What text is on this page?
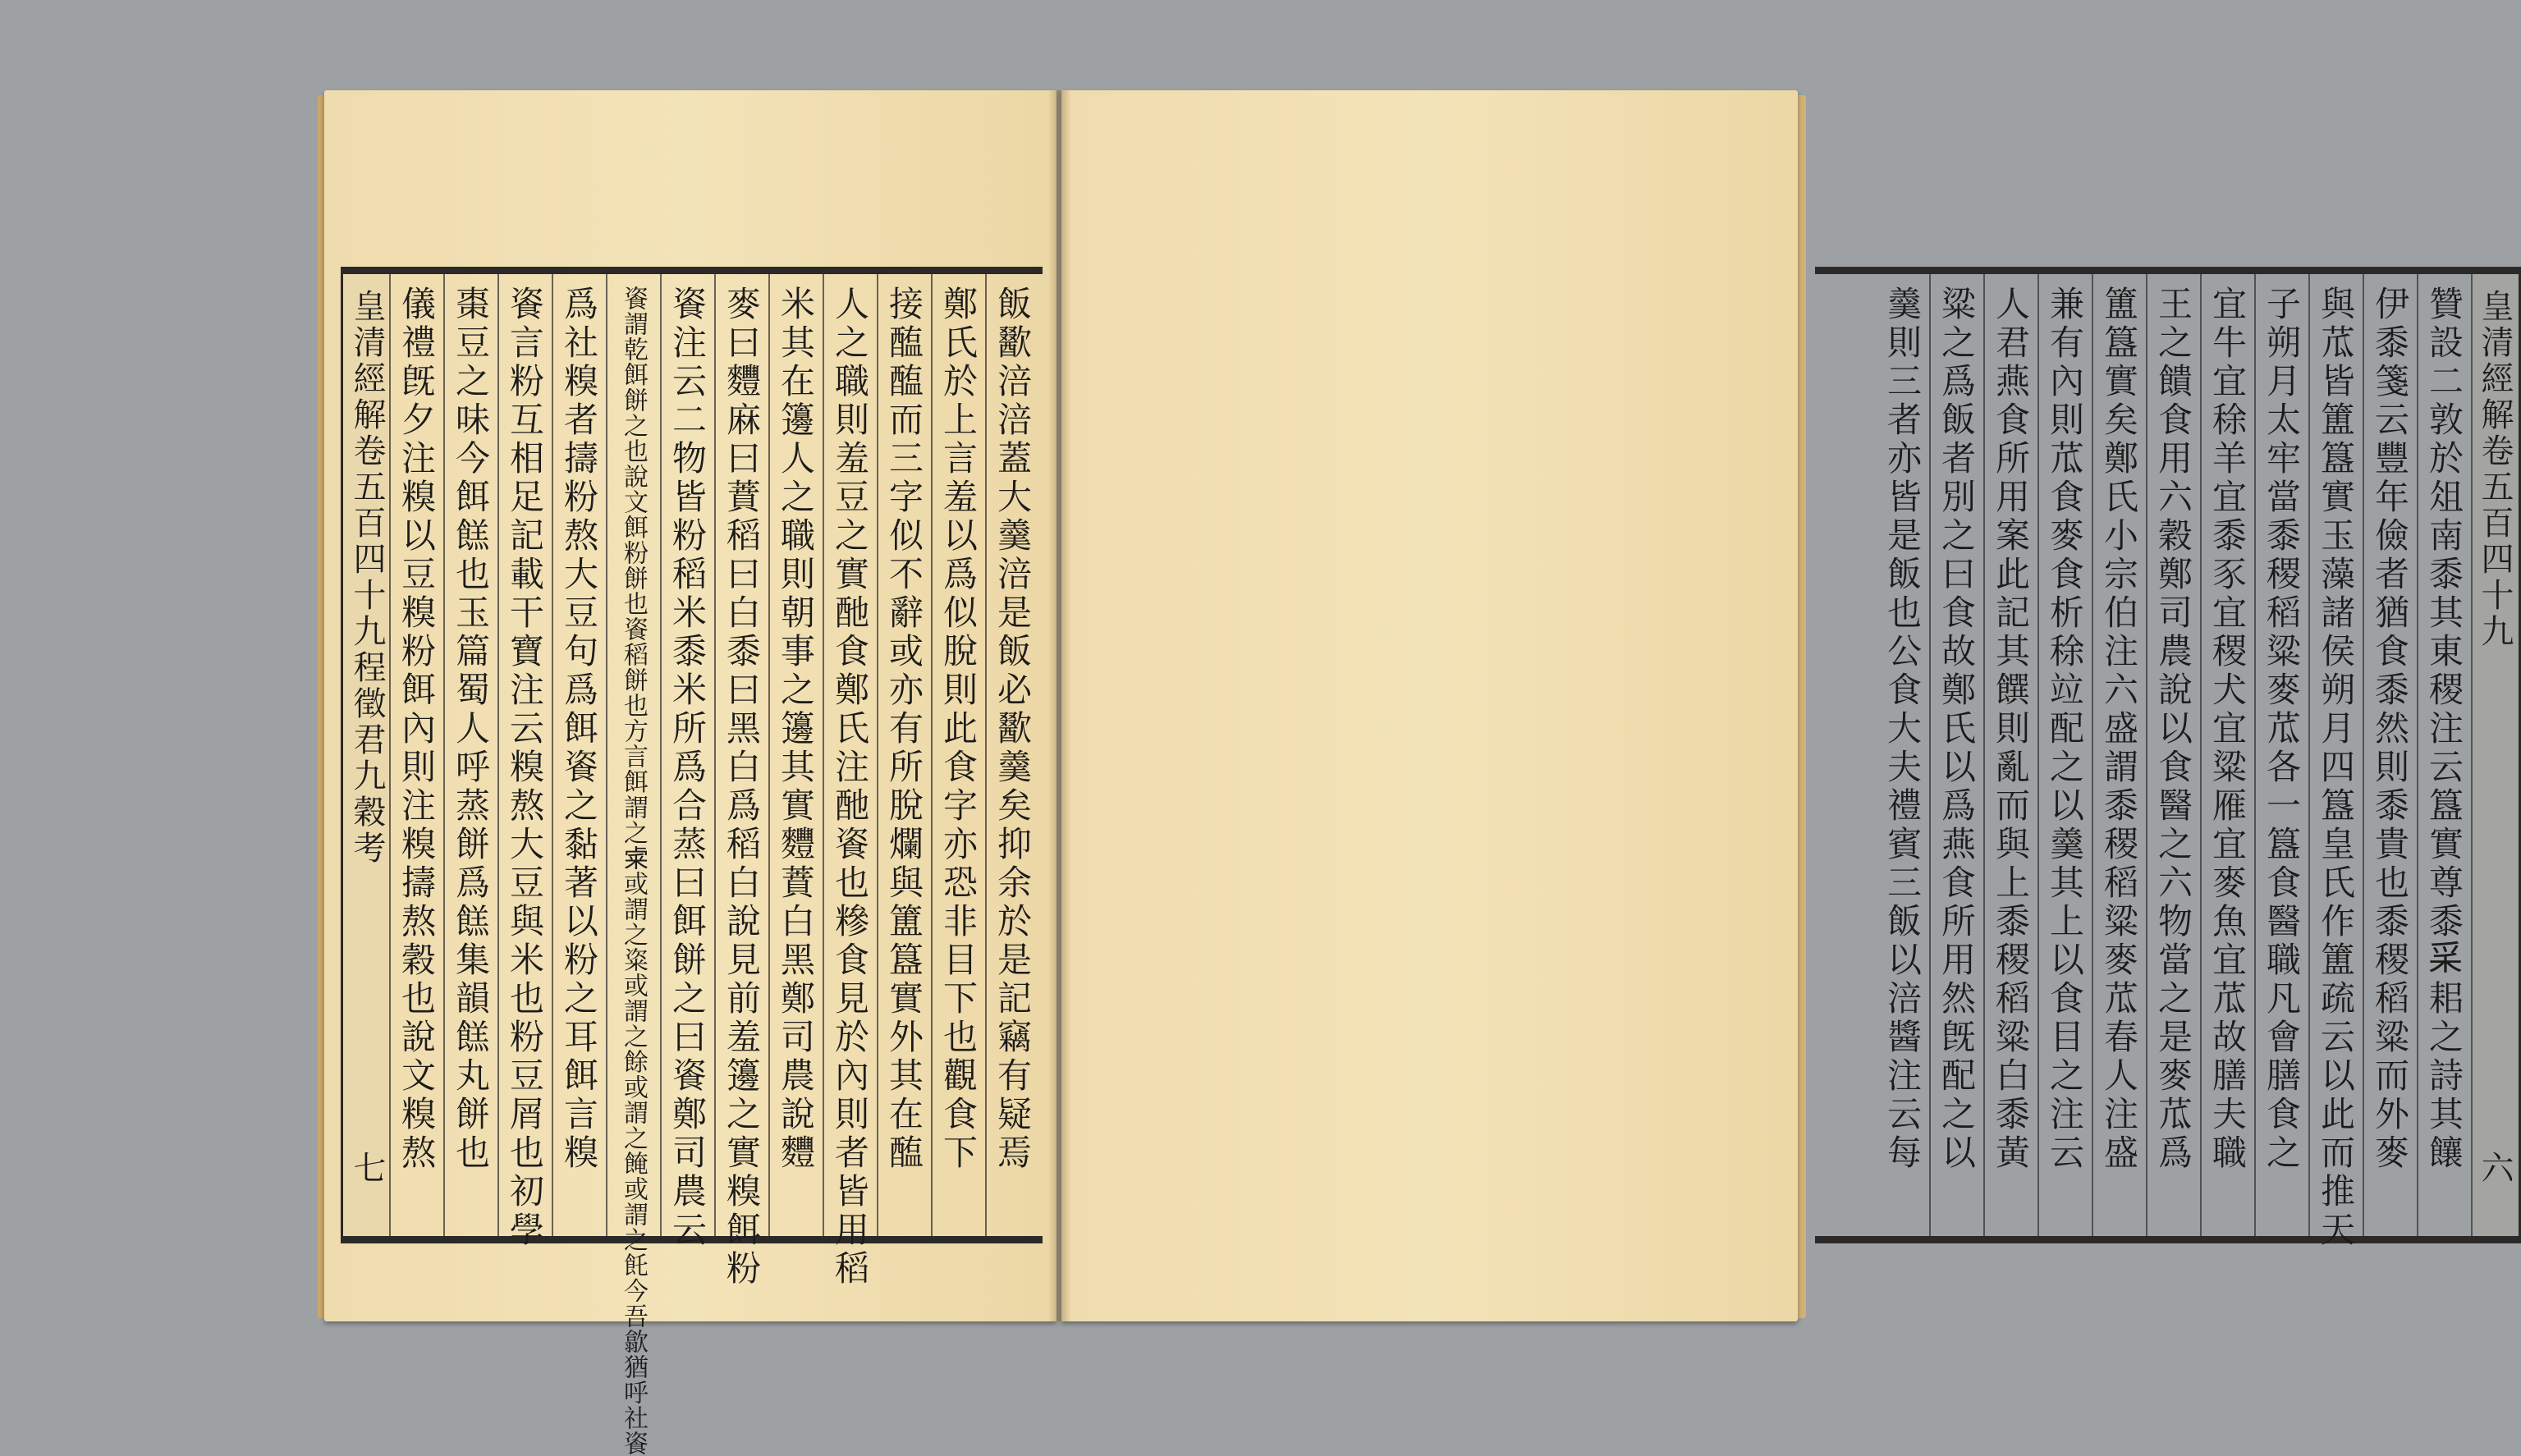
皇清經解卷五百四十九程徵君九穀考
七	飯歠涪涪蓋大羹涪是飯必歠羹矣抑余於是記竊有疑焉
鄭氏於上言羞以爲似脫則此食字亦恐非目下也觀食下
接醢醢而三字似不辭或亦有所脫爛與簠簋實外其在醢
人之職則羞豆之實酏食鄭氏注酏餈也糝食見於內則者皆用稻
米其在籩人之職則朝事之籩其實麷蕡白黑鄭司農說麷
麥曰麷麻曰蕡稻曰白黍曰黑白爲稻白說見前羞籩之實糗餌粉
餈注云二物皆粉稻米黍米所爲合蒸曰餌餅之曰餈鄭司農云
餈謂乾餌餅之也說文餌粉餅也餈稻餅也方言餌謂之𥹄或謂之粢或謂之餘或謂之餣或謂之飥今吾歙猶呼社餈
爲社糗者擣粉熬大豆句爲餌餈之黏著以粉之耳餌言糗
餈言粉互相足記載干寶注云糗熬大豆與米也粉豆屑也初學
棗豆之味今餌餻也玉篇蜀人呼蒸餅爲餻集韻餻丸餅也
儀禮旣夕注糗以豆糗粉餌內則注糗擣熬穀也說文糗熬	皇清經解卷五百四十九
六
贊設二敦於俎南黍其東稷注云簋實尊黍𥝩耜之詩其饟
伊黍箋云豐年儉者猶食黍然則黍貴也黍稷稻粱而外麥
與苽皆簠簋實玉藻諸侯朔月四簋皇氏作簠疏云以此而推天
子朔月太牢當黍稷稻粱麥苽各一簋食醫職凡會膳食之
宜牛宜稌羊宜黍豕宜稷犬宜粱雁宜麥魚宜苽故膳夫職
王之饋食用六穀鄭司農說以食醫之六物當之是麥苽爲
簠簋實矣鄭氏小宗伯注六盛謂黍稷稻粱麥苽春人注盛
兼有內則苽食麥食析稌竝配之以羹其上以食目之注云
人君燕食所用案此記其饌則亂而與上黍稷稻粱白黍黃
粱之爲飯者別之曰食故鄭氏以爲燕食所用然旣配之以
羹則三者亦皆是飯也公食大夫禮賓三飯以涪醬注云每
